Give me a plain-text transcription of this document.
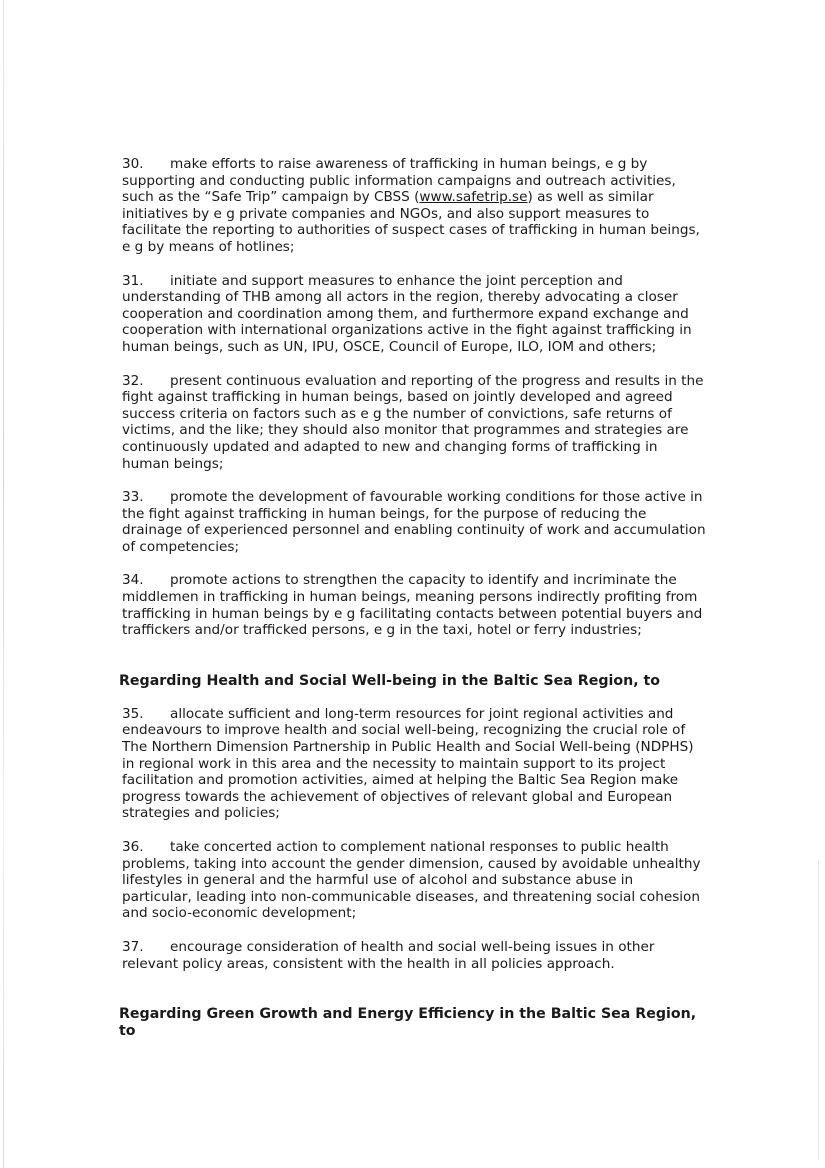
30. make efforts to raise awareness of trafficking in human beings, e g by supporting and conducting public information campaigns and outreach activities, such as the “Safe Trip” campaign by CBSS (www.safetrip.se) as well as similar initiatives by e g private companies and NGOs, and also support measures to facilitate the reporting to authorities of suspect cases of trafficking in human beings, e g by means of hotlines;

31. initiate and support measures to enhance the joint perception and understanding of THB among all actors in the region, thereby advocating a closer cooperation and coordination among them, and furthermore expand exchange and cooperation with international organizations active in the fight against trafficking in human beings, such as UN, IPU, OSCE, Council of Europe, ILO, IOM and others;

32. present continuous evaluation and reporting of the progress and results in the fight against trafficking in human beings, based on jointly developed and agreed success criteria on factors such as e g the number of convictions, safe returns of victims, and the like; they should also monitor that programmes and strategies are continuously updated and adapted to new and changing forms of trafficking in human beings;

33. promote the development of favourable working conditions for those active in the fight against trafficking in human beings, for the purpose of reducing the drainage of experienced personnel and enabling continuity of work and accumulation of competencies;

34. promote actions to strengthen the capacity to identify and incriminate the middlemen in trafficking in human beings, meaning persons indirectly profiting from trafficking in human beings by e g facilitating contacts between potential buyers and traffickers and/or trafficked persons, e g in the taxi, hotel or ferry industries;

Regarding Health and Social Well-being in the Baltic Sea Region, to

35. allocate sufficient and long-term resources for joint regional activities and endeavours to improve health and social well-being, recognizing the crucial role of The Northern Dimension Partnership in Public Health and Social Well-being (NDPHS) in regional work in this area and the necessity to maintain support to its project facilitation and promotion activities, aimed at helping the Baltic Sea Region make progress towards the achievement of objectives of relevant global and European strategies and policies;

36. take concerted action to complement national responses to public health problems, taking into account the gender dimension, caused by avoidable unhealthy lifestyles in general and the harmful use of alcohol and substance abuse in particular, leading into non-communicable diseases, and threatening social cohesion and socio-economic development;

37. encourage consideration of health and social well-being issues in other relevant policy areas, consistent with the health in all policies approach.

Regarding Green Growth and Energy Efficiency in the Baltic Sea Region, to
